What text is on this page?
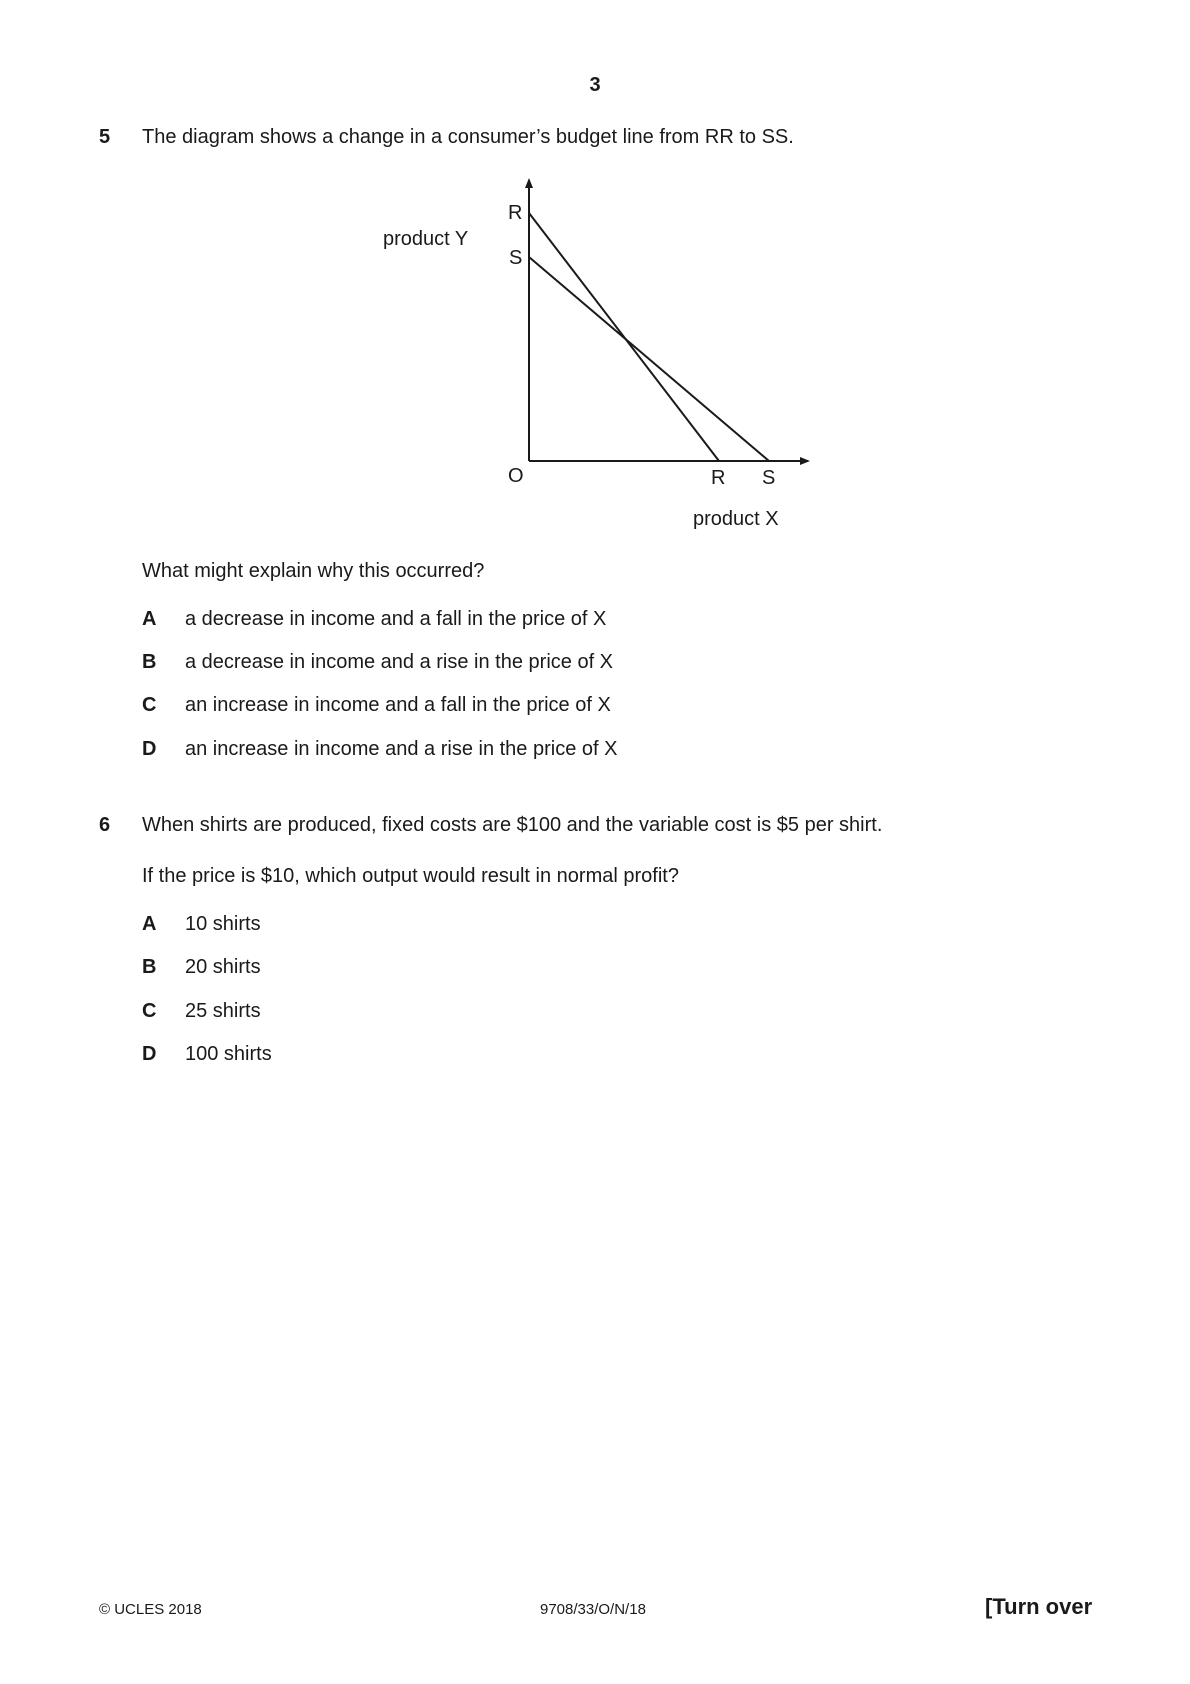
3
5 The diagram shows a change in a consumer’s budget line from RR to SS.
product Y
product X
O
R
S
R S
What might explain why this occurred?
A a decrease in income and a fall in the price of X
B a decrease in income and a rise in the price of X
C an increase in income and a fall in the price of X
D an increase in income and a rise in the price of X
6 When shirts are produced, fixed costs are $100 and the variable cost is $5 per shirt.
If the price is $10, which output would result in normal profit?
A 10 shirts
B 20 shirts
C 25 shirts
D 100 shirts
© UCLES 2018	9708/33/O/N/18	[Turn over
